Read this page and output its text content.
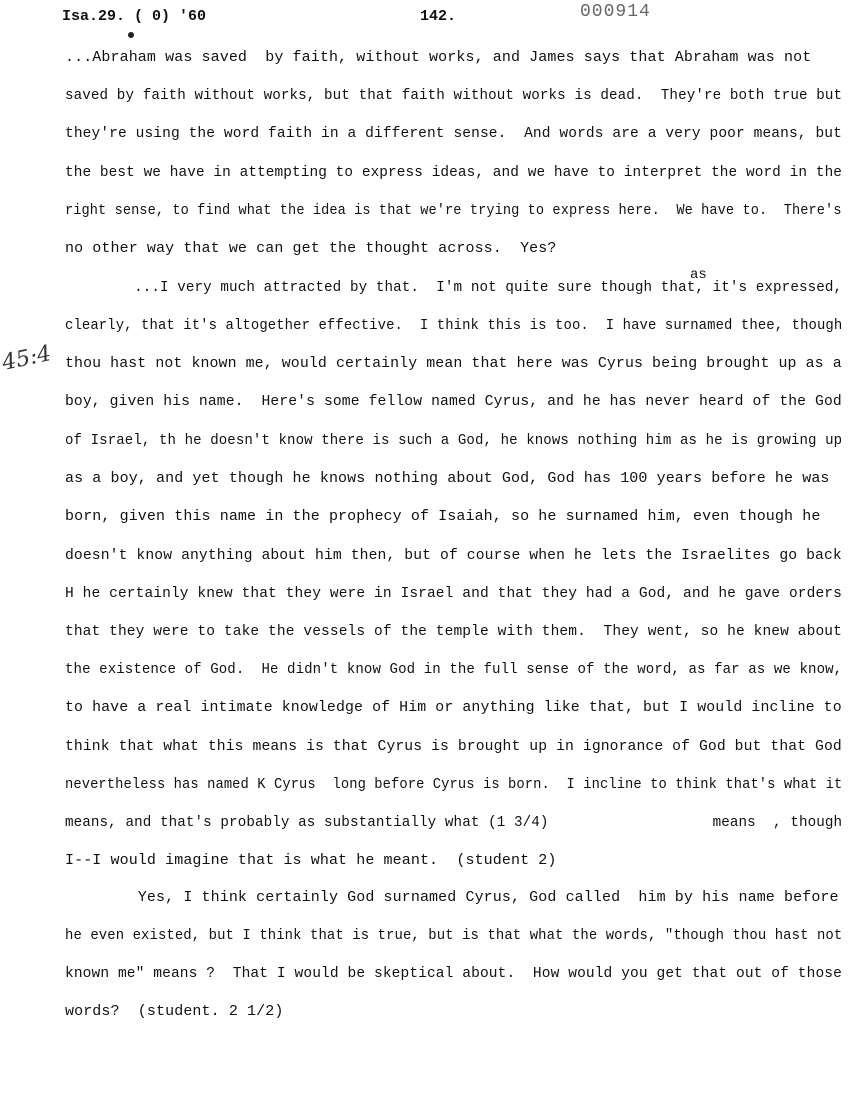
Isa.29. ( 0) '60	142.	000914
45:4
as
...Abraham was saved  by faith, without works, and James says that Abraham was not
saved by faith without works, but that faith without works is dead.  They're both true but
they're using the word faith in a different sense.  And words are a very poor means, but
the best we have in attempting to express ideas, and we have to interpret the word in the
right sense, to find what the idea is that we're trying to express here.  We have to.  There's
no other way that we can get the thought across.  Yes?
...I very much attracted by that.  I'm not quite sure though that, it's expressed,
clearly, that it's altogether effective.  I think this is too.  I have surnamed thee, though
thou hast not known me, would certainly mean that here was Cyrus being brought up as a
boy, given his name.  Here's some fellow named Cyrus, and he has never heard of the God
of Israel, th he doesn't know there is such a God, he knows nothing him as he is growing up
as a boy, and yet though he knows nothing about God, God has 100 years before he was
born, given this name in the prophecy of Isaiah, so he surnamed him, even though he
doesn't know anything about him then, but of course when he lets the Israelites go back
H he certainly knew that they were in Israel and that they had a God, and he gave orders
that they were to take the vessels of the temple with them.  They went, so he knew about
the existence of God.  He didn't know God in the full sense of the word, as far as we know,
to have a real intimate knowledge of Him or anything like that, but I would incline to
think that what this means is that Cyrus is brought up in ignorance of God but that God
nevertheless has named K Cyrus  long before Cyrus is born.  I incline to think that's what it
means, and that's probably as substantially what (1 3/4)                   means  , though
I--I would imagine that is what he meant.  (student 2)
Yes, I think certainly God surnamed Cyrus, God called  him by his name before
he even existed, but I think that is true, but is that what the words, "though thou hast not
known me" means ?  That I would be skeptical about.  How would you get that out of those
words?  (student. 2 1/2)
